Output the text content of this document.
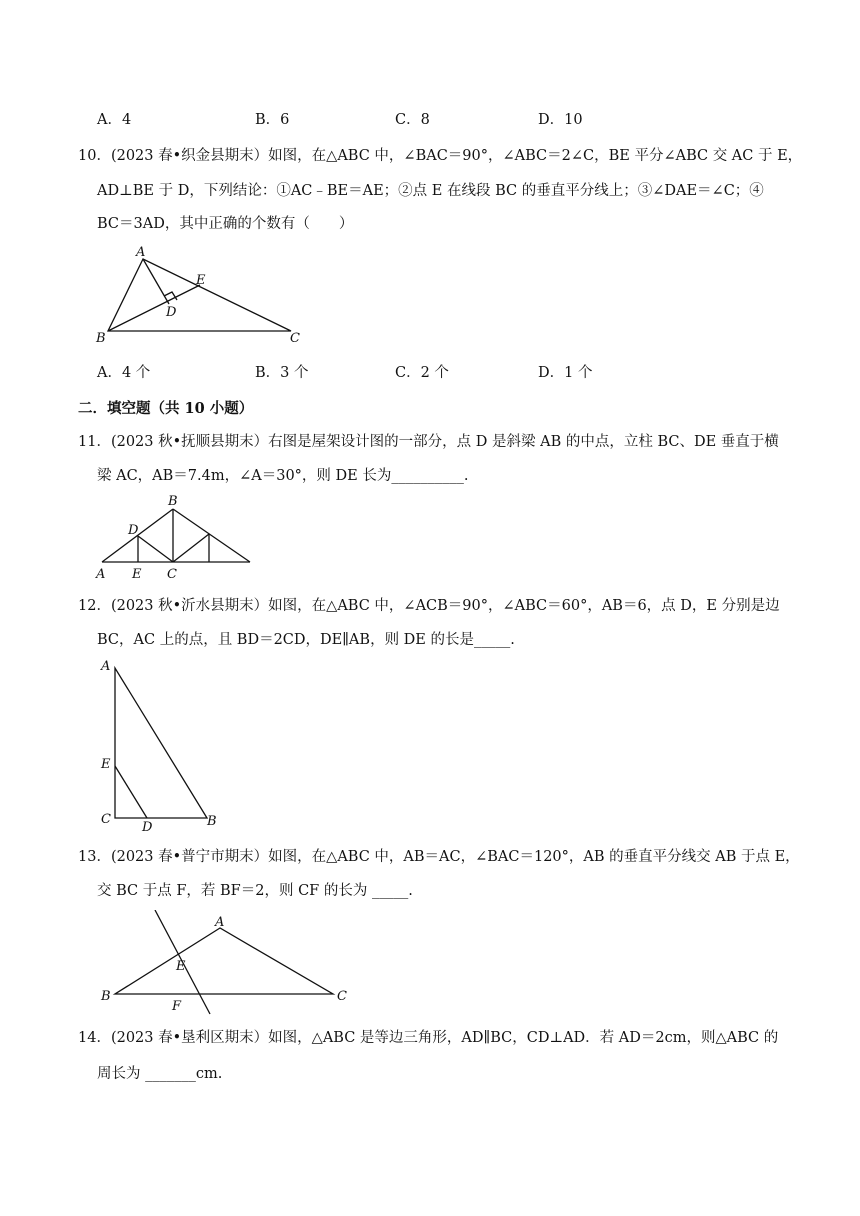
A．4	B．6	C．8	D．10
10．(2023 春•织金县期末）如图，在△ABC 中，∠BAC＝90°，∠ABC＝2∠C，BE 平分∠ABC 交 AC 于 E，
AD⊥BE 于 D，下列结论：①AC﹣BE＝AE；②点 E 在线段 BC 的垂直平分线上；③∠DAE＝∠C；④
BC＝3AD，其中正确的个数有（　　）
A
B	C
D
E
A．4 个	B．3 个	C．2 个	D．1 个
二．填空题（共 10 小题）
11．(2023 秋•抚顺县期末）右图是屋架设计图的一部分，点 D 是斜梁 AB 的中点，立柱 BC、DE 垂直于横
梁 AC，AB＝7.4m，∠A＝30°，则 DE 长为__________.
B
D
A E C
12．(2023 秋•沂水县期末）如图，在△ABC 中，∠ACB＝90°，∠ABC＝60°，AB＝6，点 D，E 分别是边
BC，AC 上的点，且 BD＝2CD，DE∥AB，则 DE 的长是_____.
A
E
C
D	B
13．(2023 春•普宁市期末）如图，在△ABC 中，AB＝AC，∠BAC＝120°，AB 的垂直平分线交 AB 于点 E，
交 BC 于点 F，若 BF＝2，则 CF 的长为 _____.
A
B	C
E
F
14．(2023 春•垦利区期末）如图，△ABC 是等边三角形，AD∥BC，CD⊥AD．若 AD＝2cm，则△ABC 的
周长为 _______cm.
